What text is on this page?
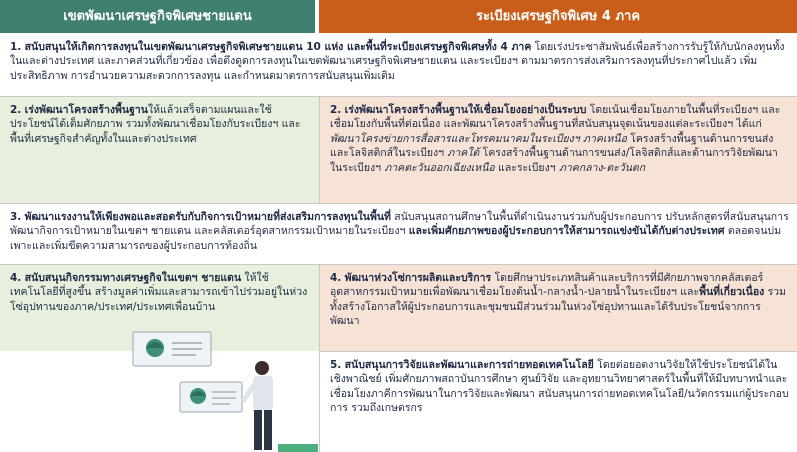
เขตพัฒนาเศรษฐกิจพิเศษชายแดน	ระเบียงเศรษฐกิจพิเศษ 4 ภาค

1. สนับสนุนให้เกิดการลงทุนในเขตพัฒนาเศรษฐกิจพิเศษชายแดน 10 แห่ง และพื้นที่ระเบียงเศรษฐกิจพิเศษทั้ง 4 ภาค โดยเร่งประชาสัมพันธ์เพื่อสร้างการรับรู้ให้กับนักลงทุนทั้งในและต่างประเทศ และภาคส่วนที่เกี่ยวข้อง เพื่อดึงดูดการลงทุนในเขตพัฒนาเศรษฐกิจพิเศษชายแดน และระเบียงฯ ตามมาตรการส่งเสริมการลงทุนที่ประกาศไปแล้ว เพิ่มประสิทธิภาพ การอำนวยความสะดวกการลงทุน และกำหนดมาตรการสนับสนุนเพิ่มเติม

2. เร่งพัฒนาโครงสร้างพื้นฐานให้แล้วเสร็จตามแผนและใช้ประโยชน์ได้เต็มศักยภาพ รวมทั้งพัฒนาเชื่อมโยงกับระเบียงฯ และพื้นที่เศรษฐกิจสำคัญทั้งในและต่างประเทศ

2. เร่งพัฒนาโครงสร้างพื้นฐานให้เชื่อมโยงอย่างเป็นระบบ โดยเน้นเชื่อมโยงภายในพื้นที่ระเบียงฯ และเชื่อมโยงกับพื้นที่ต่อเนื่อง และพัฒนาโครงสร้างพื้นฐานที่สนับสนุนจุดเน้นของแต่ละระเบียงฯ ได้แก่ พัฒนาโครงข่ายการสื่อสารและโทรคมนาคมในระเบียงฯ ภาคเหนือ โครงสร้างพื้นฐานด้านการขนส่งและโลจิสติกส์ในระเบียงฯ ภาคใต้ โครงสร้างพื้นฐานด้านการขนส่ง/โลจิสติกส์และด้านการวิจัยพัฒนาในระเบียงฯ ภาคตะวันออกเฉียงเหนือ และระเบียงฯ ภาคกลาง-ตะวันตก

3. พัฒนาแรงงานให้เพียงพอและสอดรับกับกิจการเป้าหมายที่ส่งเสริมการลงทุนในพื้นที่ สนับสนุนสถานศึกษาในพื้นที่ดำเนินงานร่วมกับผู้ประกอบการ ปรับหลักสูตรที่สนับสนุนการพัฒนากิจการเป้าหมายในเขตฯ ชายแดน และคลัสเตอร์อุตสาหกรรมเป้าหมายในระเบียงฯ และเพิ่มศักยภาพของผู้ประกอบการให้สามารถแข่งขันได้กับต่างประเทศ ตลอดจนบ่มเพาะและเพิ่มขีดความสามารถของผู้ประกอบการท้องถิ่น

4. สนับสนุนกิจกรรมทางเศรษฐกิจในเขตฯ ชายแดน ให้ใช้เทคโนโลยีที่สูงขึ้น สร้างมูลค่าเพิ่มและสามารถเข้าไปร่วมอยู่ในห่วงโซ่อุปทานของภาค/ประเทศ/ประเทศเพื่อนบ้าน

4. พัฒนาห่วงโซ่การผลิตและบริการ โดยศึกษาประเภทสินค้าและบริการที่มีศักยภาพจากคลัสเตอร์อุตสาหกรรมเป้าหมายเพื่อพัฒนาเชื่อมโยงต้นน้ำ-กลางน้ำ-ปลายน้ำในระเบียงฯ และพื้นที่เกี่ยวเนื่อง รวมทั้งสร้างโอกาสให้ผู้ประกอบการและชุมชนมีส่วนร่วมในห่วงโซ่อุปทานและได้รับประโยชน์จากการพัฒนา

5. สนับสนุนการวิจัยและพัฒนาและการถ่ายทอดเทคโนโลยี โดยต่อยอดงานวิจัยให้ใช้ประโยชน์ได้ในเชิงพาณิชย์ เพิ่มศักยภาพสถาบันการศึกษา ศูนย์วิจัย และอุทยานวิทยาศาสตร์ในพื้นที่ให้มีบทบาทนำและเชื่อมโยงภาคีการพัฒนาในการวิจัยและพัฒนา สนับสนุนการถ่ายทอดเทคโนโลยี/นวัตกรรมแก่ผู้ประกอบการ รวมถึงเกษตรกร
